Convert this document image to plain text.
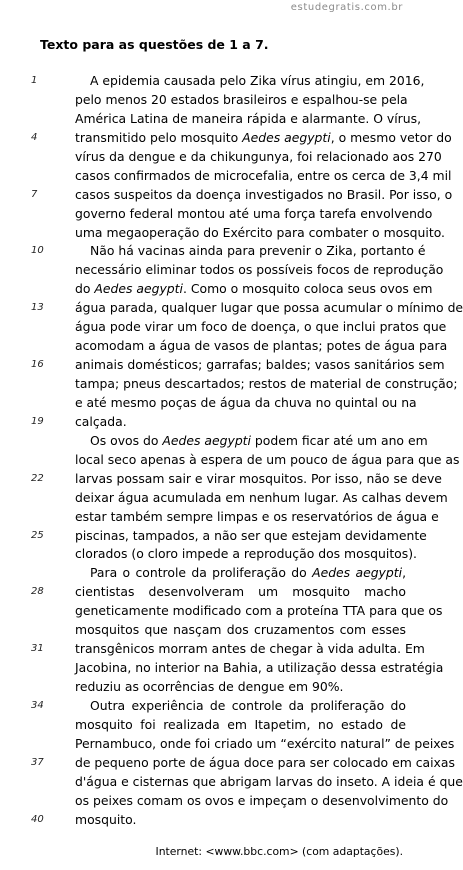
estudegratis.com.br
Texto para as questões de 1 a 7.
1	A epidemia causada pelo Zika vírus atingiu, em 2016,
pelo menos 20 estados brasileiros e espalhou-se pela
América Latina de maneira rápida e alarmante. O vírus,
4	transmitido pelo mosquito Aedes aegypti, o mesmo vetor do
vírus da dengue e da chikungunya, foi relacionado aos 270
casos confirmados de microcefalia, entre os cerca de 3,4 mil
7	casos suspeitos da doença investigados no Brasil. Por isso, o
governo federal montou até uma força tarefa envolvendo
uma megaoperação do Exército para combater o mosquito.
10	Não há vacinas ainda para prevenir o Zika, portanto é
necessário eliminar todos os possíveis focos de reprodução
do Aedes aegypti. Como o mosquito coloca seus ovos em
13	água parada, qualquer lugar que possa acumular o mínimo de
água pode virar um foco de doença, o que inclui pratos que
acomodam a água de vasos de plantas; potes de água para
16	animais domésticos; garrafas; baldes; vasos sanitários sem
tampa; pneus descartados; restos de material de construção;
e até mesmo poças de água da chuva no quintal ou na
19	calçada.
Os ovos do Aedes aegypti podem ficar até um ano em
local seco apenas à espera de um pouco de água para que as
22	larvas possam sair e virar mosquitos. Por isso, não se deve
deixar água acumulada em nenhum lugar. As calhas devem
estar também sempre limpas e os reservatórios de água e
25	piscinas, tampados, a não ser que estejam devidamente
clorados (o cloro impede a reprodução dos mosquitos).
Para o controle da proliferação do Aedes aegypti,
28	cientistas desenvolveram um mosquito macho
geneticamente modificado com a proteína TTA para que os
mosquitos que nasçam dos cruzamentos com esses
31	transgênicos morram antes de chegar à vida adulta. Em
Jacobina, no interior na Bahia, a utilização dessa estratégia
reduziu as ocorrências de dengue em 90%.
34	Outra experiência de controle da proliferação do
mosquito foi realizada em Itapetim, no estado de
Pernambuco, onde foi criado um “exército natural” de peixes
37	de pequeno porte de água doce para ser colocado em caixas
d'água e cisternas que abrigam larvas do inseto. A ideia é que
os peixes comam os ovos e impeçam o desenvolvimento do
40	mosquito.
Internet: <www.bbc.com> (com adaptações).
